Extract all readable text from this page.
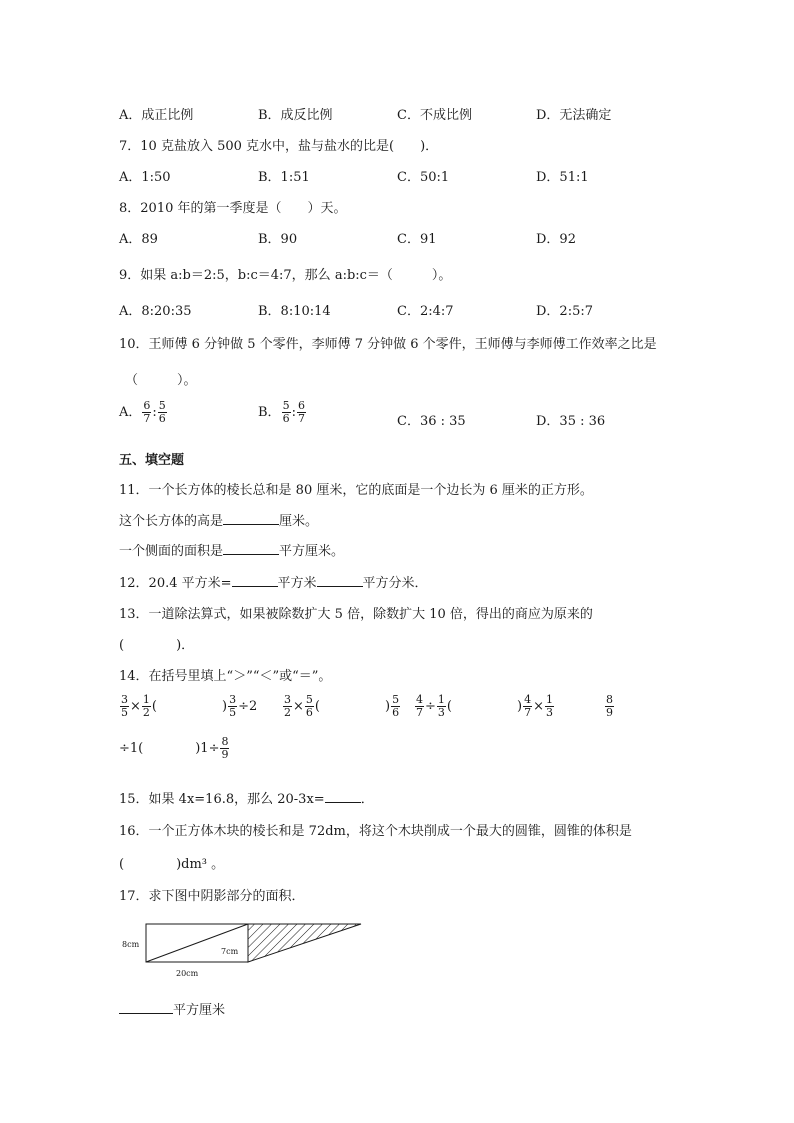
A．成正比例	B．成反比例	C．不成比例	D．无法确定
7．10 克盐放入 500 克水中，盐与盐水的比是(　　)．
A．1:50	B．1:51	C．50:1	D．51:1
8．2010 年的第一季度是（　　）天。
A．89	B．90	C．91	D．92
9．如果 a:b＝2:5，b:c＝4:7，那么 a:b:c＝（　　　）。
A．8:20:35	B．8:10:14	C．2:4:7	D．2:5:7
10．王师傅 6 分钟做 5 个零件，李师傅 7 分钟做 6 个零件，王师傅与李师傅工作效率之比是
（　　　）。
A． $\frac{6}{7}$ : $\frac{5}{6}$	B． $\frac{5}{6}$ : $\frac{6}{7}$	C．36 : 35	D．35 : 36
五、填空题
11．一个长方体的棱长总和是 80 厘米，它的底面是一个边长为 6 厘米的正方形。
这个长方体的高是	厘米。
一个侧面的面积是	平方厘米。
12．20.4 平方米=	平方米	平方分米．
13．一道除法算式，如果被除数扩大 5 倍，除数扩大 10 倍，得出的商应为原来的
(　　　　)．
14．在括号里填上“＞”“＜”或“＝”。
$\frac{3}{5} \times \frac{1}{2}$ (　　　　　) $\frac{3}{5} \div 2 \frac{3}{2} \times \frac{5}{6}$ (　　　　　) $\frac{5}{6} \frac{4}{7} \div \frac{1}{3}$ (　　　　　) $\frac{4}{7} \times \frac{1}{3}$	$\frac{8}{9}$
÷1(　　　　)$1\div \frac{8}{9}$
15．如果 4x=16.8，那么 20-3x=	．
16．一个正方体木块的棱长和是 72dm，将这个木块削成一个最大的圆锥，圆锥的体积是
(　　　　)dm³ 。
17．求下图中阴影部分的面积．
8cm
7cm
20cm
平方厘米
